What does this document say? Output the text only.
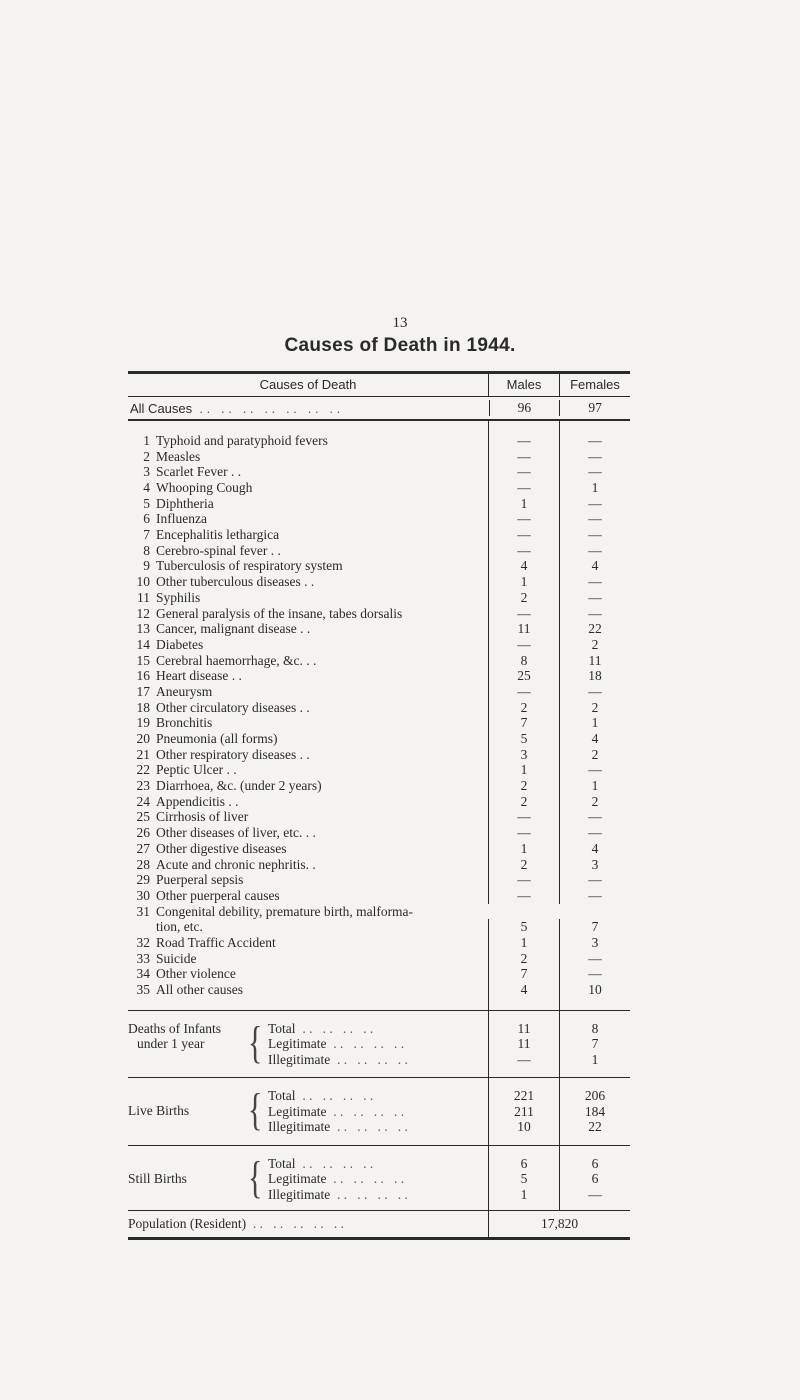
13
Causes of Death in 1944.
Causes of Death	Males	Females
All Causes  . .   . .   . .   . .   . .   . .   . .	96	97
1 Typhoid and paratyphoid fevers	—	—
2 Measles	—	—
3 Scarlet Fever . .	—	—
4 Whooping Cough	—	1
5 Diphtheria	1	—
6 Influenza	—	—
7 Encephalitis lethargica	—	—
8 Cerebro-spinal fever . .	—	—
9 Tuberculosis of respiratory system	4	4
10 Other tuberculous diseases . .	1	—
11 Syphilis	2	—
12 General paralysis of the insane, tabes dorsalis	—	—
13 Cancer, malignant disease . .	11	22
14 Diabetes	—	2
15 Cerebral haemorrhage, &c. . .	8	11
16 Heart disease . .	25	18
17 Aneurysm	—	—
18 Other circulatory diseases . .	2	2
19 Bronchitis	7	1
20 Pneumonia (all forms)	5	4
21 Other respiratory diseases . .	3	2
22 Peptic Ulcer . .	1	—
23 Diarrhoea, &c. (under 2 years)	2	1
24 Appendicitis . .	2	2
25 Cirrhosis of liver	—	—
26 Other diseases of liver, etc. . .	—	—
27 Other digestive diseases	1	4
28 Acute and chronic nephritis. .	2	3
29 Puerperal sepsis	—	—
30 Other puerperal causes	—	—
31 Congenital debility, premature birth, malforma-
tion, etc.	5	7
32 Road Traffic Accident	1	3
33 Suicide	2	—
34 Other violence	7	—
35 All other causes	4	10
Deaths of Infants
under 1 year { Total  . .   . .   . .   . .	11	8
Legitimate  . .   . .   . .   . .	11	7
Illegitimate  . .   . .   . .   . .	—	1
Live Births { Total  . .   . .   . .   . .	221	206
Legitimate  . .   . .   . .   . .	211	184
Illegitimate  . .   . .   . .   . .	10	22
Still Births { Total  . .   . .   . .   . .	6	6
Legitimate  . .   . .   . .   . .	5	6
Illegitimate  . .   . .   . .   . .	1	—
Population (Resident)  . .   . .   . .   . .   . .	17,820
